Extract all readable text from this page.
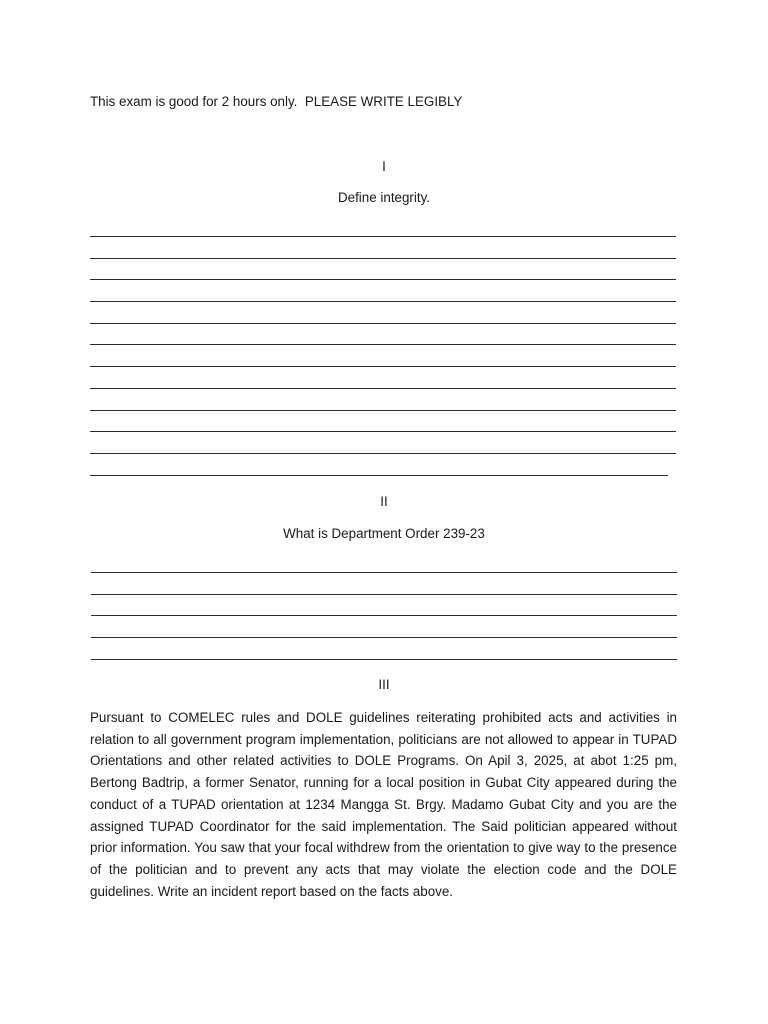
This exam is good for 2 hours only.  PLEASE WRITE LEGIBLY
I
Define integrity.
II
What is Department Order 239-23
III
Pursuant to COMELEC rules and DOLE guidelines reiterating prohibited acts and activities in relation to all government program implementation, politicians are not allowed to appear in TUPAD Orientations and other related activities to DOLE Programs. On Apil 3, 2025, at abot 1:25 pm, Bertong Badtrip, a former Senator, running for a local position in Gubat City appeared during the conduct of a TUPAD orientation at 1234 Mangga St. Brgy. Madamo Gubat City and you are the assigned TUPAD Coordinator for the said implementation. The Said politician appeared without prior information. You saw that your focal withdrew from the orientation to give way to the presence of the politician and to prevent any acts that may violate the election code and the DOLE guidelines. Write an incident report based on the facts above.
